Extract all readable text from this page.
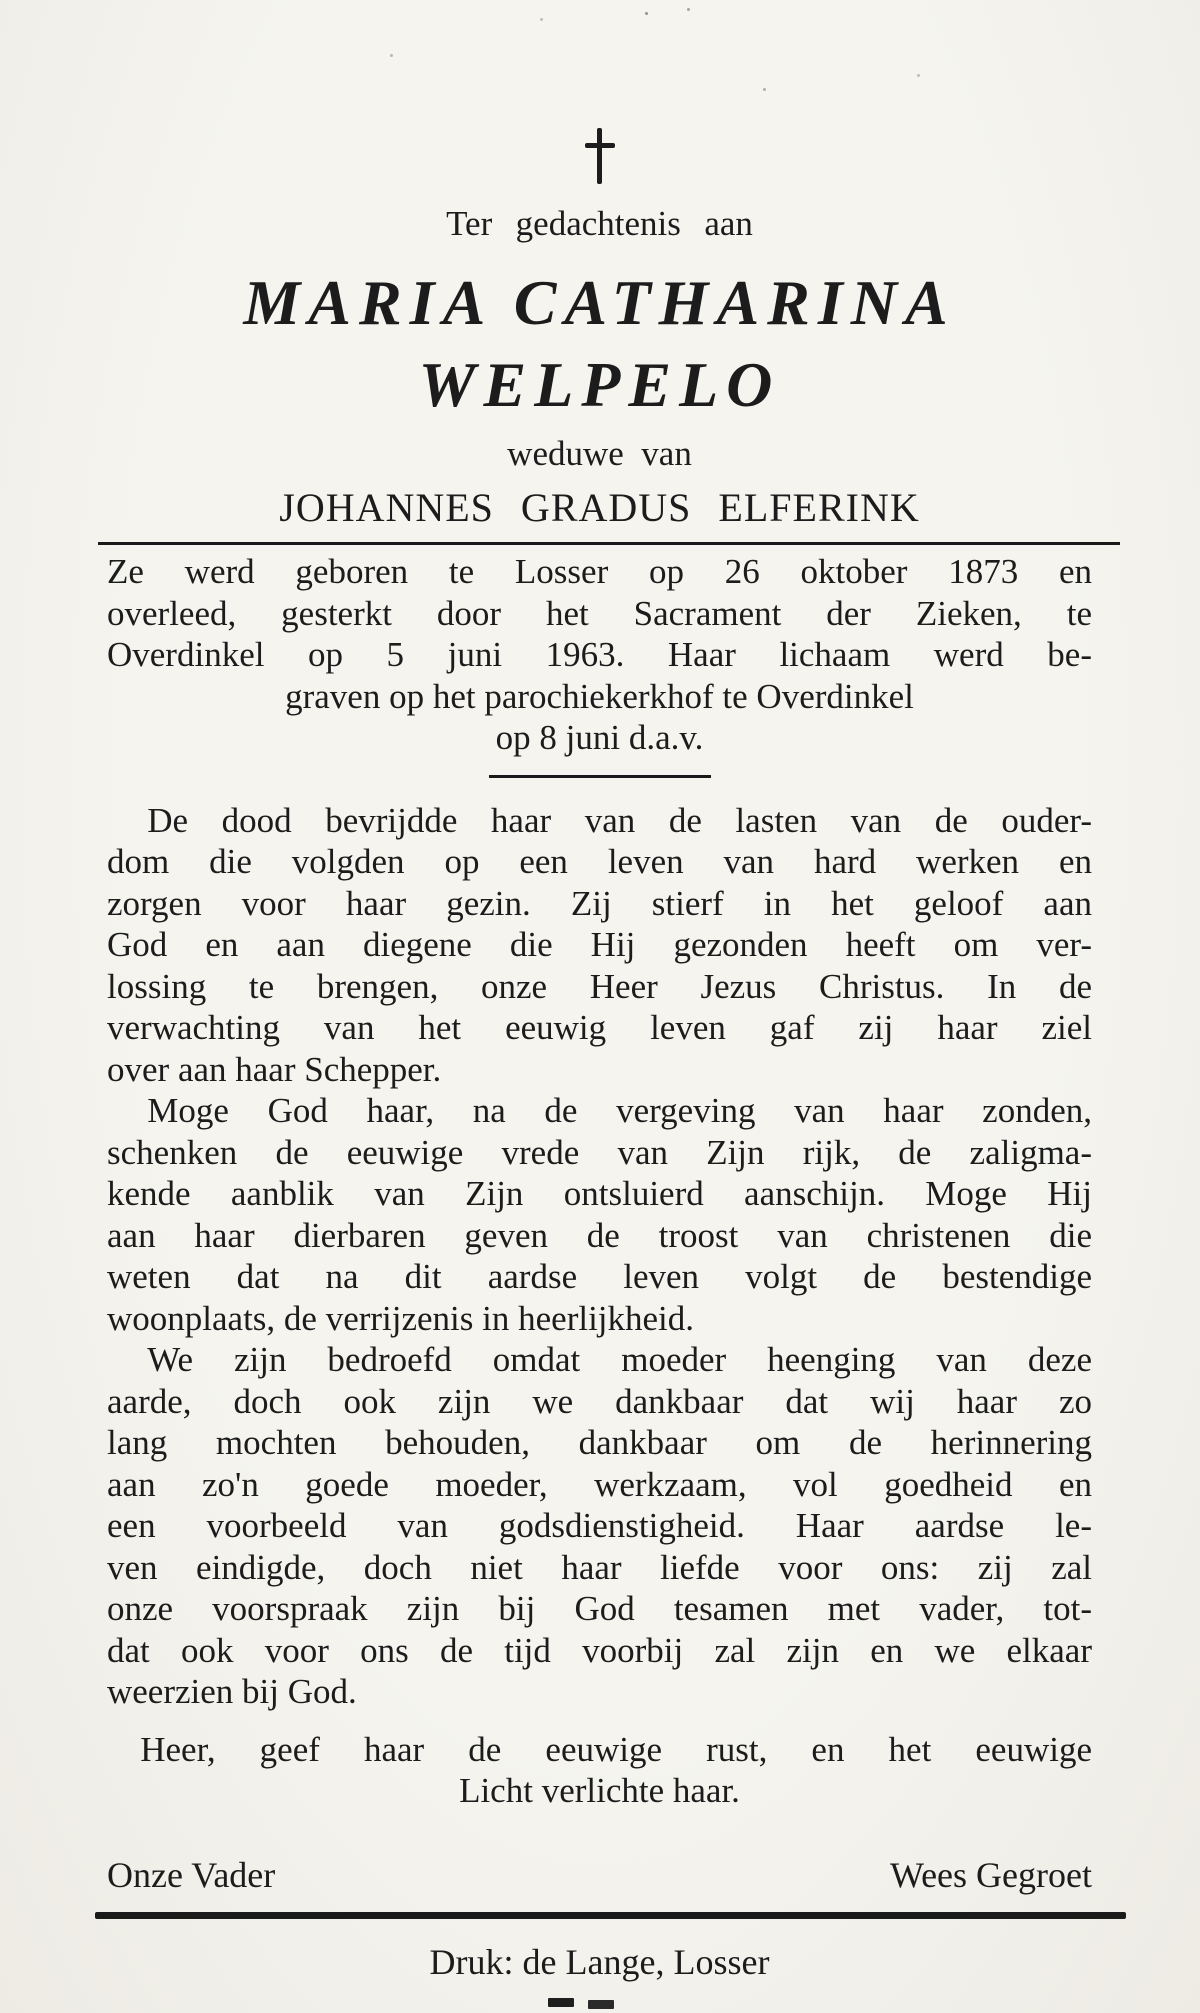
Ter gedachtenis aan
MARIA CATHARINA
WELPELO
weduwe van
JOHANNES GRADUS ELFERINK
Ze werd geboren te Losser op 26 oktober 1873 en
overleed, gesterkt door het Sacrament der Zieken, te
Overdinkel op 5 juni 1963. Haar lichaam werd be-
graven op het parochiekerkhof te Overdinkel
op 8 juni d.a.v.
De dood bevrijdde haar van de lasten van de ouder-
dom die volgden op een leven van hard werken en
zorgen voor haar gezin. Zij stierf in het geloof aan
God en aan diegene die Hij gezonden heeft om ver-
lossing te brengen, onze Heer Jezus Christus. In de
verwachting van het eeuwig leven gaf zij haar ziel
over aan haar Schepper.
Moge God haar, na de vergeving van haar zonden,
schenken de eeuwige vrede van Zijn rijk, de zaligma-
kende aanblik van Zijn ontsluierd aanschijn. Moge Hij
aan haar dierbaren geven de troost van christenen die
weten dat na dit aardse leven volgt de bestendige
woonplaats, de verrijzenis in heerlijkheid.
We zijn bedroefd omdat moeder heenging van deze
aarde, doch ook zijn we dankbaar dat wij haar zo
lang mochten behouden, dankbaar om de herinnering
aan zo'n goede moeder, werkzaam, vol goedheid en
een voorbeeld van godsdienstigheid. Haar aardse le-
ven eindigde, doch niet haar liefde voor ons: zij zal
onze voorspraak zijn bij God tesamen met vader, tot-
dat ook voor ons de tijd voorbij zal zijn en we elkaar
weerzien bij God.
Heer, geef haar de eeuwige rust, en het eeuwige
Licht verlichte haar.
Onze Vader	Wees Gegroet
Druk: de Lange, Losser
